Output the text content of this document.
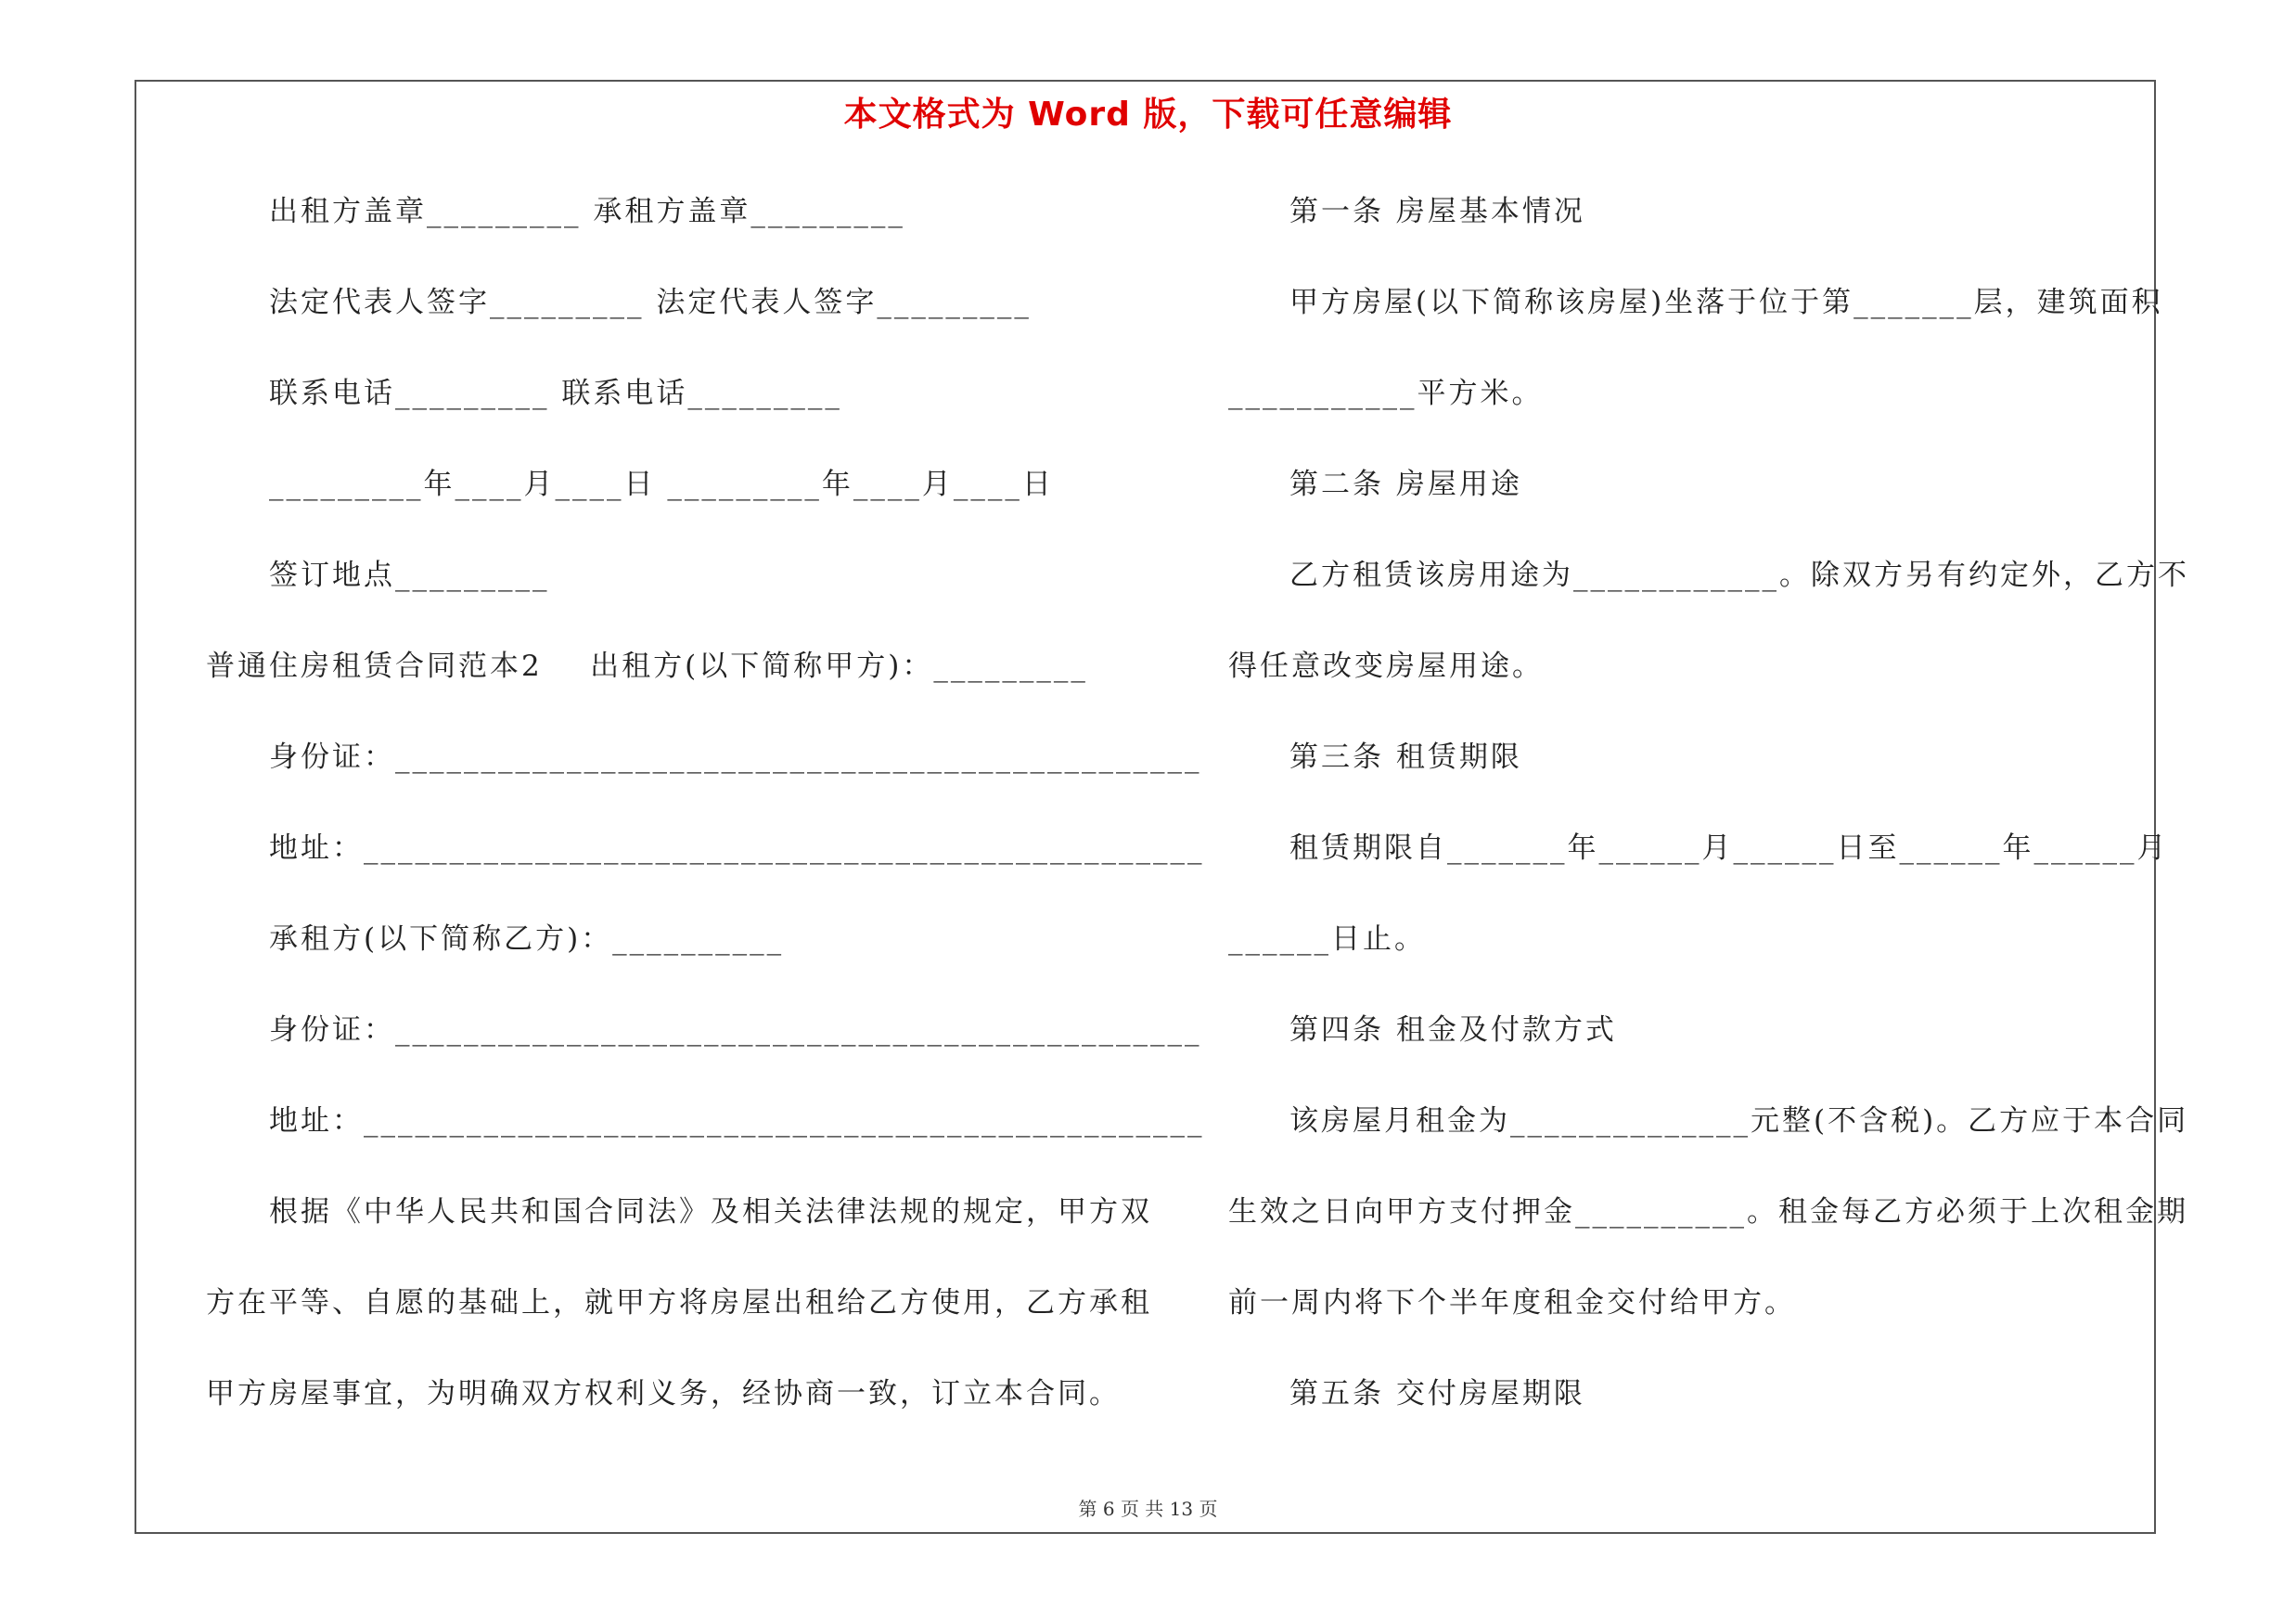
本文格式为 Word 版，下载可任意编辑
出租方盖章_________ 承租方盖章_________
法定代表人签字_________ 法定代表人签字_________
联系电话_________ 联系电话_________
_________年____月____日 _________年____月____日
签订地点_________
普通住房租赁合同范本2    出租方(以下简称甲方)：_________
身份证：_______________________________________________
地址：_________________________________________________
承租方(以下简称乙方)：__________
身份证：_______________________________________________
地址：_________________________________________________
根据《中华人民共和国合同法》及相关法律法规的规定，甲方双
方在平等、自愿的基础上，就甲方将房屋出租给乙方使用，乙方承租
甲方房屋事宜，为明确双方权利义务，经协商一致，订立本合同。
第一条 房屋基本情况
甲方房屋(以下简称该房屋)坐落于位于第_______层，建筑面积
___________平方米。
第二条 房屋用途
乙方租赁该房用途为____________。除双方另有约定外，乙方不
得任意改变房屋用途。
第三条 租赁期限
租赁期限自_______年______月______日至______年______月
______日止。
第四条 租金及付款方式
该房屋月租金为______________元整(不含税)。乙方应于本合同
生效之日向甲方支付押金__________。租金每乙方必须于上次租金期
前一周内将下个半年度租金交付给甲方。
第五条 交付房屋期限
第 6 页 共 13 页
